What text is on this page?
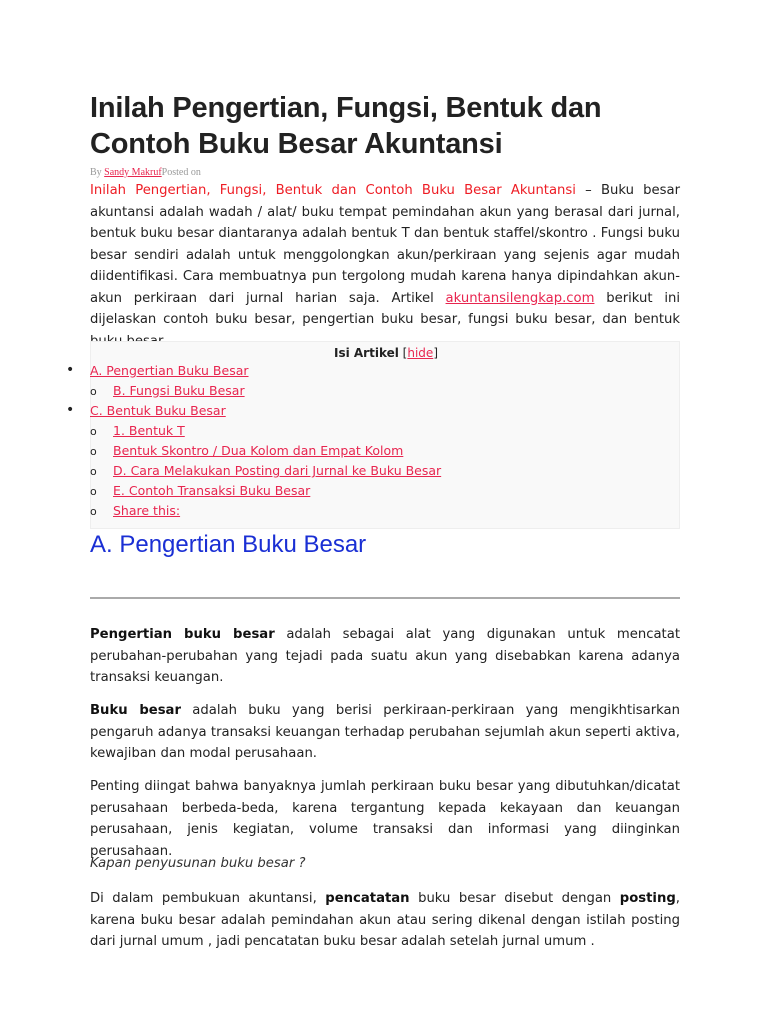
Inilah Pengertian, Fungsi, Bentuk dan Contoh Buku Besar Akuntansi
By Sandy MakrufPosted on

Inilah Pengertian, Fungsi, Bentuk dan Contoh Buku Besar Akuntansi – Buku besar akuntansi adalah wadah / alat/ buku tempat pemindahan akun yang berasal dari jurnal, bentuk buku besar diantaranya adalah bentuk T dan bentuk staffel/skontro . Fungsi buku besar sendiri adalah untuk menggolongkan akun/perkiraan yang sejenis agar mudah diidentifikasi. Cara membuatnya pun tergolong mudah karena hanya dipindahkan akun-akun perkiraan dari jurnal harian saja. Artikel akuntansilengkap.com berikut ini dijelaskan contoh buku besar, pengertian buku besar, fungsi buku besar, dan bentuk

Isi Artikel [hide]
• A. Pengertian Buku Besar
o B. Fungsi Buku Besar
• C. Bentuk Buku Besar
o 1. Bentuk T
o Bentuk Skontro / Dua Kolom dan Empat Kolom
o D. Cara Melakukan Posting dari Jurnal ke Buku Besar
o E. Contoh Transaksi Buku Besar
o Share this:
A. Pengertian Buku Besar

Pengertian buku besar adalah sebagai alat yang digunakan untuk mencatat perubahan-perubahan yang tejadi pada suatu akun yang disebabkan karena adanya transaksi keuangan.

Buku besar adalah buku yang berisi perkiraan-perkiraan yang mengikhtisarkan pengaruh adanya transaksi keuangan terhadap perubahan sejumlah akun seperti aktiva, kewajiban dan modal perusahaan.

Penting diingat bahwa banyaknya jumlah perkiraan buku besar yang dibutuhkan/dicatat perusahaan berbeda-beda, karena tergantung kepada kekayaan dan keuangan perusahaan, jenis kegiatan, volume transaksi dan informasi yang diinginkan perusahaan.

Kapan penyusunan buku besar ?

Di dalam pembukuan akuntansi, pencatatan buku besar disebut dengan posting, karena buku besar adalah pemindahan akun atau sering dikenal dengan istilah posting dari jurnal umum , jadi pencatatan buku besar adalah setelah jurnal umum .
